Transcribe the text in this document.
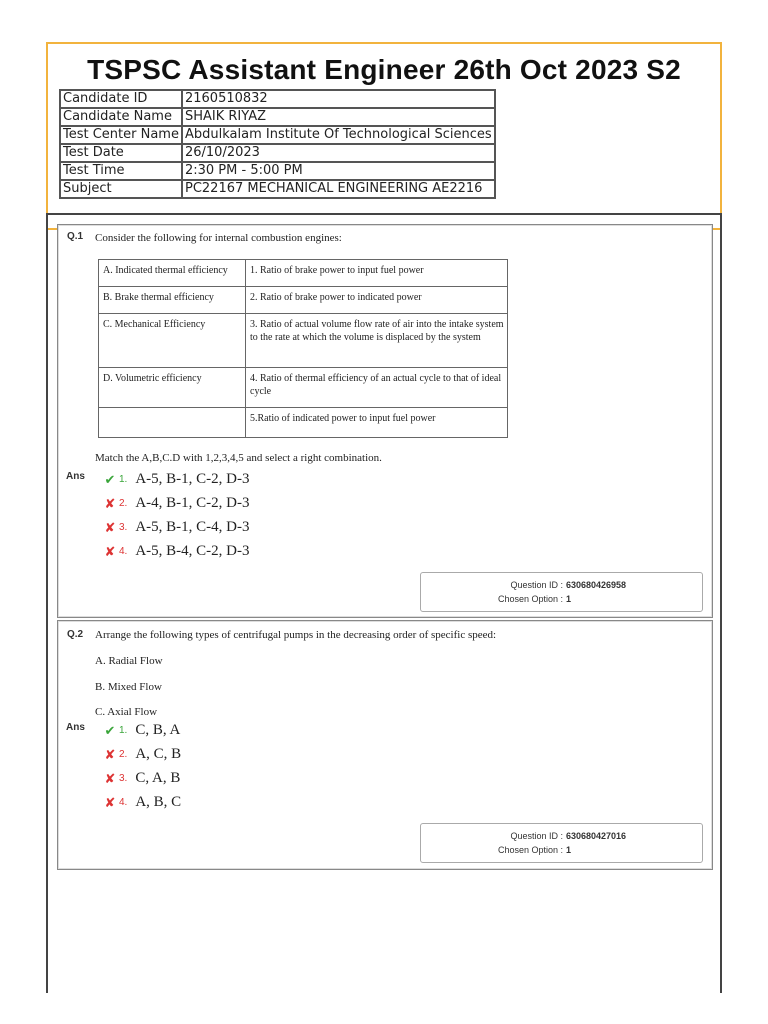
TSPSC Assistant Engineer 26th Oct 2023 S2
Candidate ID	2160510832
Candidate Name	SHAIK RIYAZ
Test Center Name	Abdulkalam Institute Of Technological Sciences
Test Date	26/10/2023
Test Time	2:30 PM - 5:00 PM
Subject	PC22167 MECHANICAL ENGINEERING AE2216
Q.1 Consider the following for internal combustion engines:
A. Indicated thermal efficiency	1. Ratio of brake power to input fuel power
B. Brake thermal efficiency	2. Ratio of brake power to indicated power
C. Mechanical Efficiency	3. Ratio of actual volume flow rate of air into the intake system to the rate at which the volume is displaced by the system
D. Volumetric efficiency	4. Ratio of thermal efficiency of an actual cycle to that of ideal cycle
	5.Ratio of indicated power to input fuel power
Match the A,B,C.D with 1,2,3,4,5 and select a right combination.
Ans ✔ 1. A-5, B-1, C-2, D-3
✘ 2. A-4, B-1, C-2, D-3
✘ 3. A-5, B-1, C-4, D-3
✘ 4. A-5, B-4, C-2, D-3
Question ID : 630680426958
Chosen Option : 1
Q.2 Arrange the following types of centrifugal pumps in the decreasing order of specific speed:
A. Radial Flow
B. Mixed Flow
C. Axial Flow
Ans ✔ 1. C, B, A
✘ 2. A, C, B
✘ 3. C, A, B
✘ 4. A, B, C
Question ID : 630680427016
Chosen Option : 1
